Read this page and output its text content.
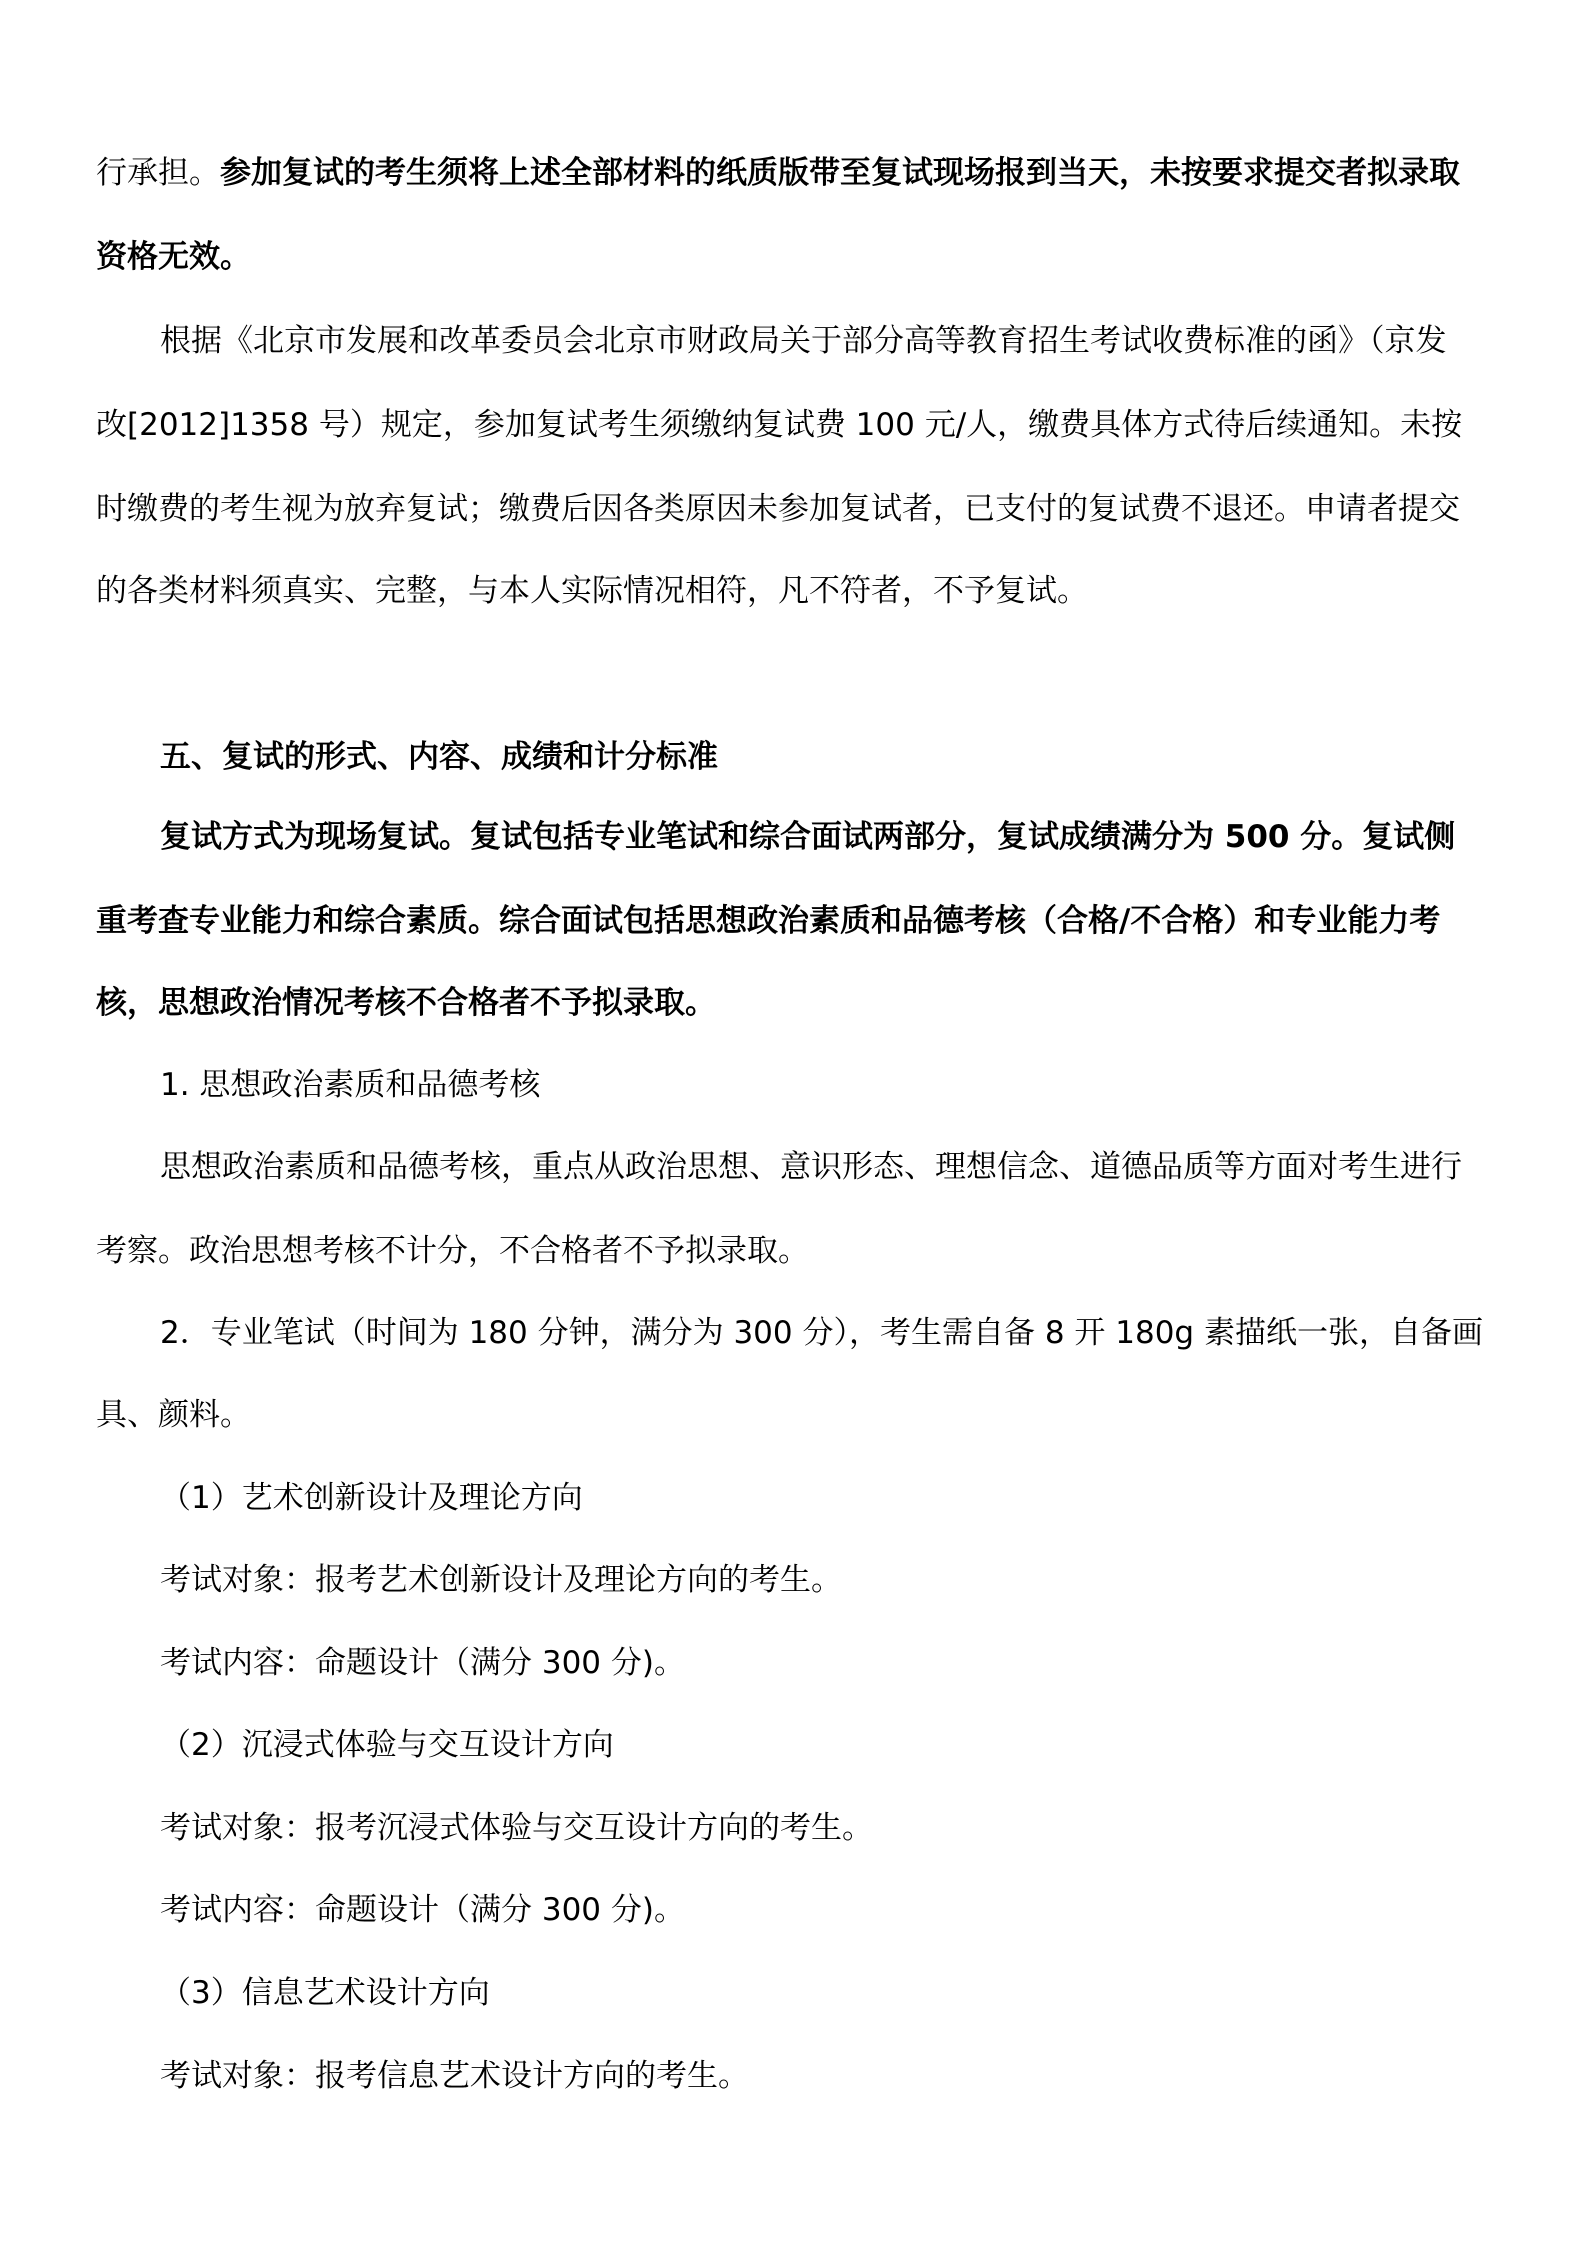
行承担。参加复试的考生须将上述全部材料的纸质版带至复试现场报到当天，未按要求提交者拟录取
资格无效。
根据《北京市发展和改革委员会北京市财政局关于部分高等教育招生考试收费标准的函》（京发
改[2012]1358 号）规定，参加复试考生须缴纳复试费 100 元/人，缴费具体方式待后续通知。未按
时缴费的考生视为放弃复试；缴费后因各类原因未参加复试者，已支付的复试费不退还。申请者提交
的各类材料须真实、完整，与本人实际情况相符，凡不符者，不予复试。
五、复试的形式、内容、成绩和计分标准
复试方式为现场复试。复试包括专业笔试和综合面试两部分，复试成绩满分为 500 分。复试侧
重考查专业能力和综合素质。综合面试包括思想政治素质和品德考核（合格/不合格）和专业能力考
核，思想政治情况考核不合格者不予拟录取。
1. 思想政治素质和品德考核
思想政治素质和品德考核，重点从政治思想、意识形态、理想信念、道德品质等方面对考生进行
考察。政治思想考核不计分，不合格者不予拟录取。
2．专业笔试（时间为 180 分钟，满分为 300 分），考生需自备 8 开 180g 素描纸一张，自备画
具、颜料。
（1）艺术创新设计及理论方向
考试对象：报考艺术创新设计及理论方向的考生。
考试内容：命题设计（满分 300 分)。
（2）沉浸式体验与交互设计方向
考试对象：报考沉浸式体验与交互设计方向的考生。
考试内容：命题设计（满分 300 分)。
（3）信息艺术设计方向
考试对象：报考信息艺术设计方向的考生。
